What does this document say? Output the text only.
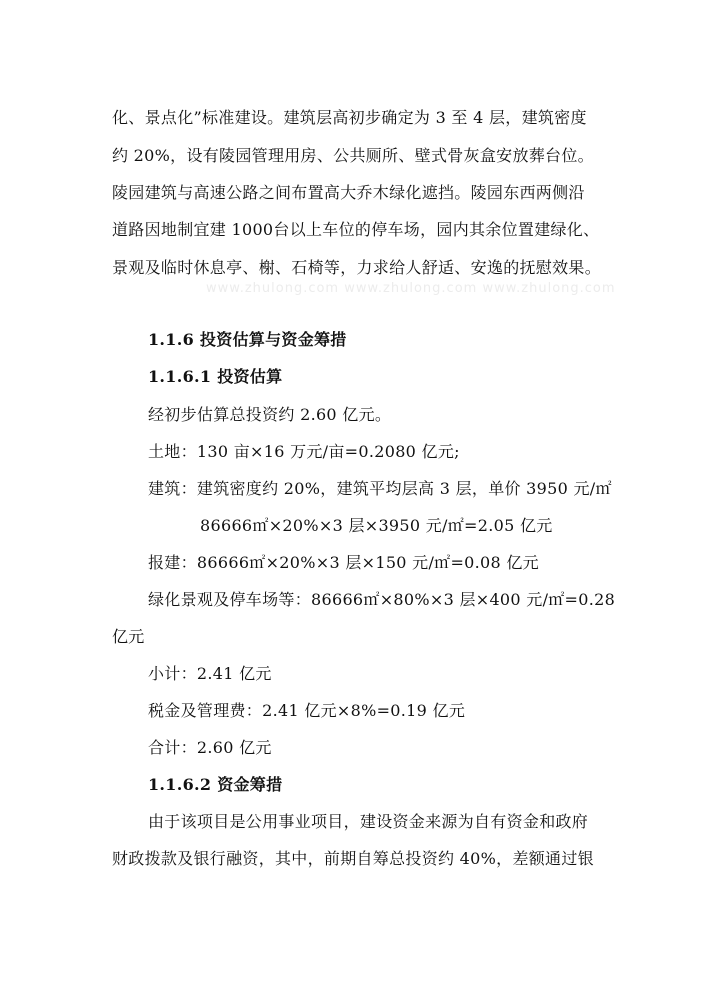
化、景点化”标准建设。建筑层高初步确定为 3 至 4 层，建筑密度
约 20%，设有陵园管理用房、公共厕所、壁式骨灰盒安放葬台位。
陵园建筑与高速公路之间布置高大乔木绿化遮挡。陵园东西两侧沿
道路因地制宜建 1000台以上车位的停车场，园内其余位置建绿化、
景观及临时休息亭、榭、石椅等，力求给人舒适、安逸的抚慰效果。
www.zhulong.com www.zhulong.com www.zhulong.com
1.1.6 投资估算与资金筹措
1.1.6.1 投资估算
经初步估算总投资约 2.60 亿元。
土地：130 亩×16 万元/亩=0.2080 亿元;
建筑：建筑密度约 20%，建筑平均层高 3 层，单价 3950 元/㎡
86666㎡×20%×3 层×3950 元/㎡=2.05 亿元
报建：86666㎡×20%×3 层×150 元/㎡=0.08 亿元
绿化景观及停车场等：86666㎡×80%×3 层×400 元/㎡=0.28
亿元
小计：2.41 亿元
税金及管理费：2.41 亿元×8%=0.19 亿元
合计：2.60 亿元
1.1.6.2 资金筹措
由于该项目是公用事业项目，建设资金来源为自有资金和政府
财政拨款及银行融资，其中，前期自筹总投资约 40%，差额通过银
